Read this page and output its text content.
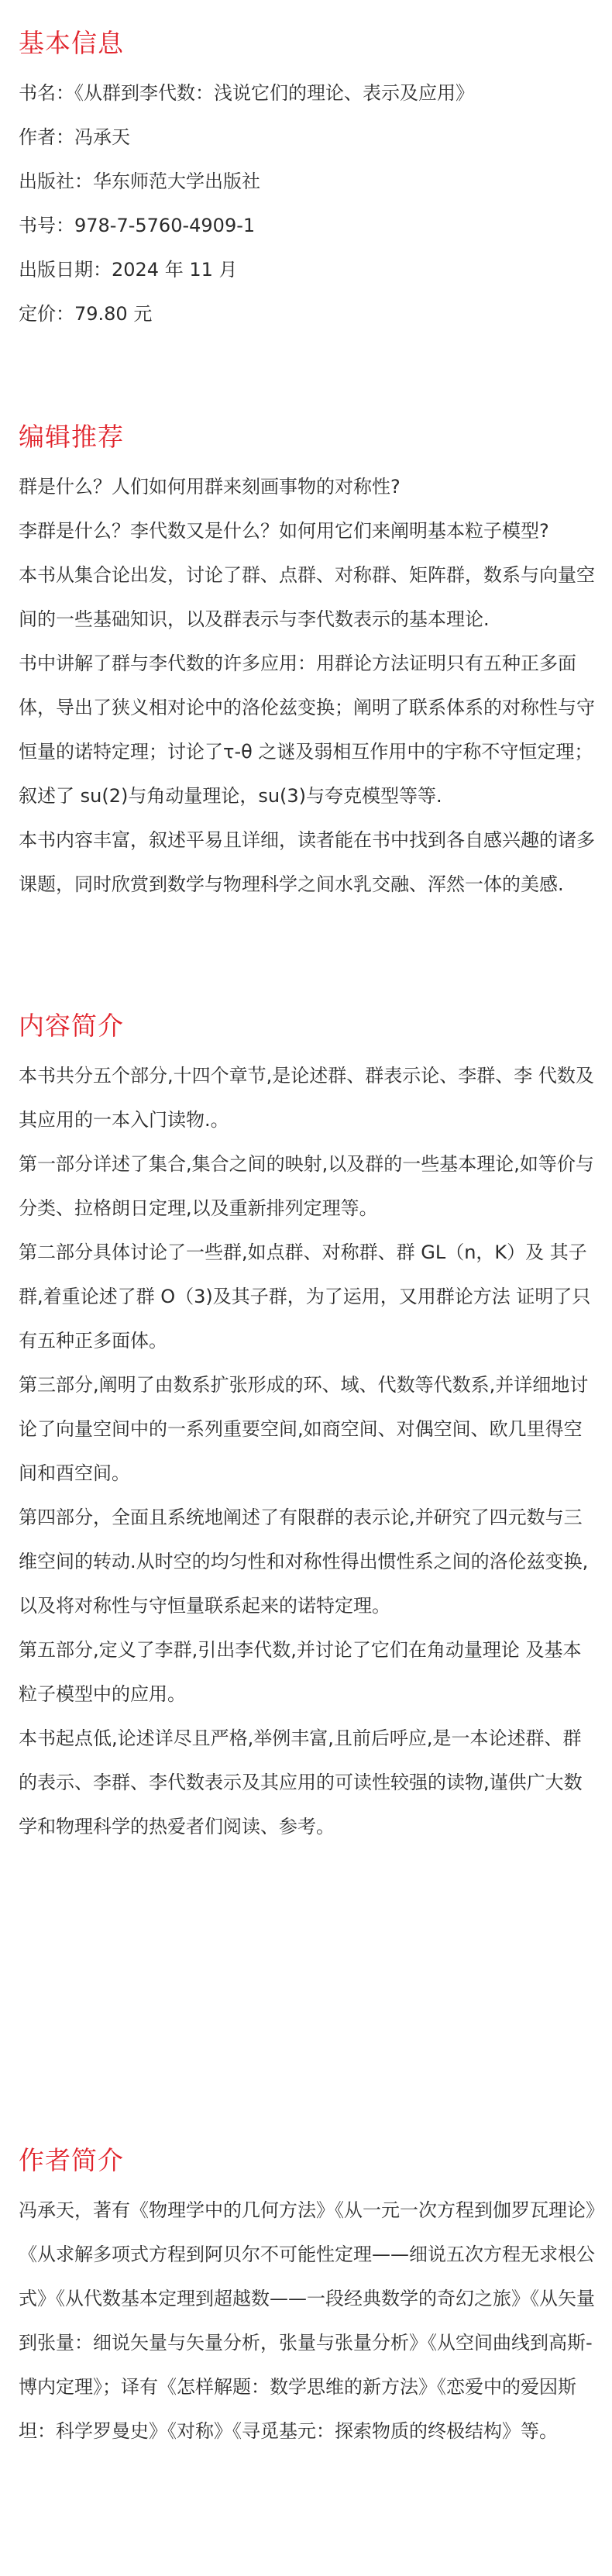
基本信息

书名：《从群到李代数：浅说它们的理论、表示及应用》

作者：冯承天

出版社：华东师范大学出版社

书号：978-7-5760-4909-1

出版日期：2024 年 11 月

定价：79.80 元

编辑推荐

群是什么？人们如何用群来刻画事物的对称性?

李群是什么？李代数又是什么？如何用它们来阐明基本粒子模型?

本书从集合论出发，讨论了群、点群、对称群、矩阵群，数系与向量空间的一些基础知识，以及群表示与李代数表示的基本理论.

书中讲解了群与李代数的许多应用：用群论方法证明只有五种正多面体，导出了狭义相对论中的洛伦兹变换；阐明了联系体系的对称性与守恒量的诺特定理；讨论了τ-θ 之谜及弱相互作用中的宇称不守恒定理；叙述了 su(2)与角动量理论，su(3)与夸克模型等等.

本书内容丰富，叙述平易且详细，读者能在书中找到各自感兴趣的诸多课题，同时欣赏到数学与物理科学之间水乳交融、浑然一体的美感.

内容简介

本书共分五个部分,十四个章节,是论述群、群表示论、李群、李 代数及其应用的一本入门读物.。

第一部分详述了集合,集合之间的映射,以及群的一些基本理论,如等价与分类、拉格朗日定理,以及重新排列定理等。

第二部分具体讨论了一些群,如点群、对称群、群 GL（n，K）及 其子群,着重论述了群 O（3)及其子群，为了运用，又用群论方法 证明了只有五种正多面体。

第三部分,阐明了由数系扩张形成的环、域、代数等代数系,并详细地讨论了向量空间中的一系列重要空间,如商空间、对偶空间、欧几里得空间和酉空间。

第四部分，全面且系统地阐述了有限群的表示论,并研究了四元数与三维空间的转动.从时空的均匀性和对称性得出惯性系之间的洛伦兹变换,以及将对称性与守恒量联系起来的诺特定理。

第五部分,定义了李群,引出李代数,并讨论了它们在角动量理论 及基本粒子模型中的应用。

本书起点低,论述详尽且严格,举例丰富,且前后呼应,是一本论述群、群的表示、李群、李代数表示及其应用的可读性较强的读物,谨供广大数学和物理科学的热爱者们阅读、参考。

作者简介

冯承天，著有《物理学中的几何方法》《从一元一次方程到伽罗瓦理论》《从求解多项式方程到阿贝尔不可能性定理——细说五次方程无求根公式》《从代数基本定理到超越数——一段经典数学的奇幻之旅》《从矢量到张量：细说矢量与矢量分析，张量与张量分析》《从空间曲线到高斯-博内定理》；译有《怎样解题：数学思维的新方法》《恋爱中的爱因斯坦：科学罗曼史》《对称》《寻觅基元：探索物质的终极结构》等。
